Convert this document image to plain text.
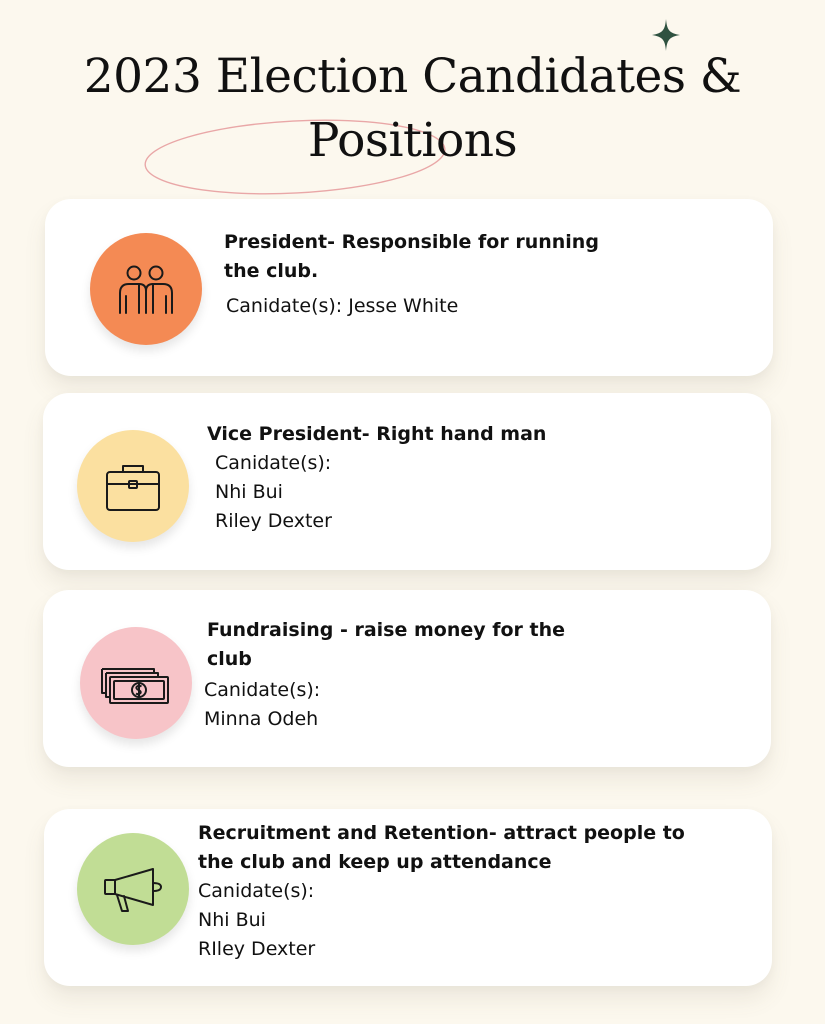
2023 Election Candidates &
Positions
President- Responsible for running
the club.
Canidate(s): Jesse White
Vice President- Right hand man
Canidate(s):
Nhi Bui
Riley Dexter
Fundraising - raise money for the
club
Canidate(s):
Minna Odeh
Recruitment and Retention- attract people to
the club and keep up attendance
Canidate(s):
Nhi Bui
RIley Dexter
